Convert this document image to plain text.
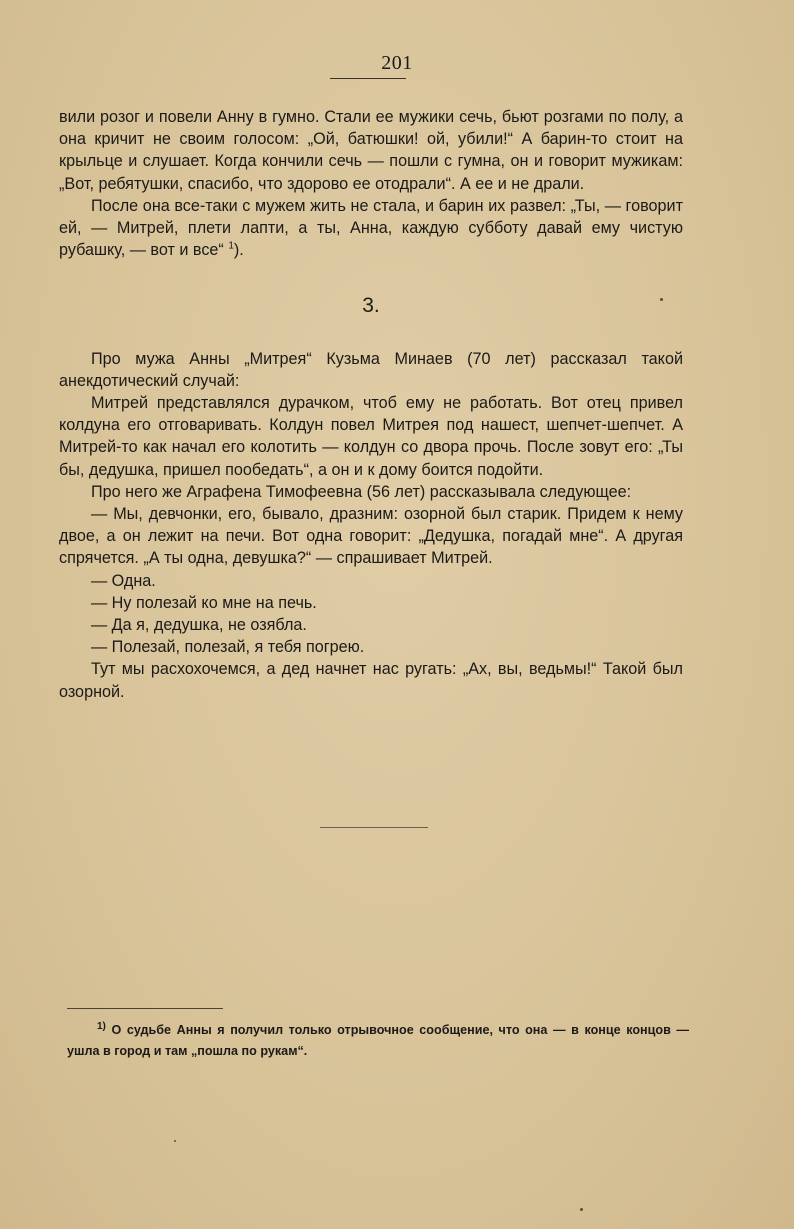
201

вили розог и повели Анну в гумно. Стали ее мужики сечь, бьют розгами по полу, а она кричит не своим голосом: „Ой, батюшки! ой, убили!“ А барин-то стоит на крыльце и слушает. Когда кончили сечь — пошли с гумна, он и говорит мужикам: „Вот, ребятушки, спасибо, что здорово ее отодрали“. А ее и не драли.

После она все-таки с мужем жить не стала, и барин их развел: „Ты, — говорит ей, — Митрей, плети лапти, а ты, Анна, каждую субботу давай ему чистую рубашку, — вот и все“ $^1$).

3.

Про мужа Анны „Митрея“ Кузьма Минаев (70 лет) рассказал такой анекдотический случай:

Митрей представлялся дурачком, чтоб ему не работать. Вот отец привел колдуна его отговаривать. Колдун повел Митрея под нашест, шепчет-шепчет. А Митрей-то как начал его колотить — колдун со двора прочь. После зовут его: „Ты бы, дедушка, пришел пообедать“, а он и к дому боится подойти.

Про него же Аграфена Тимофеевна (56 лет) рассказывала следующее:

— Мы, девчонки, его, бывало, дразним: озорной был старик. Придем к нему двое, а он лежит на печи. Вот одна говорит: „Дедушка, погадай мне“. А другая спрячется. „А ты одна, девушка?“ — спрашивает Митрей.

— Одна.

— Ну полезай ко мне на печь.

— Да я, дедушка, не озябла.

— Полезай, полезай, я тебя погрею.

Тут мы расхохочемся, а дед начнет нас ругать: „Ах, вы, ведьмы!“ Такой был озорной.

$^{1)}$ О судьбе Анны я получил только отрывочное сообщение, что она — в конце концов — ушла в город и там „пошла по рукам“.
